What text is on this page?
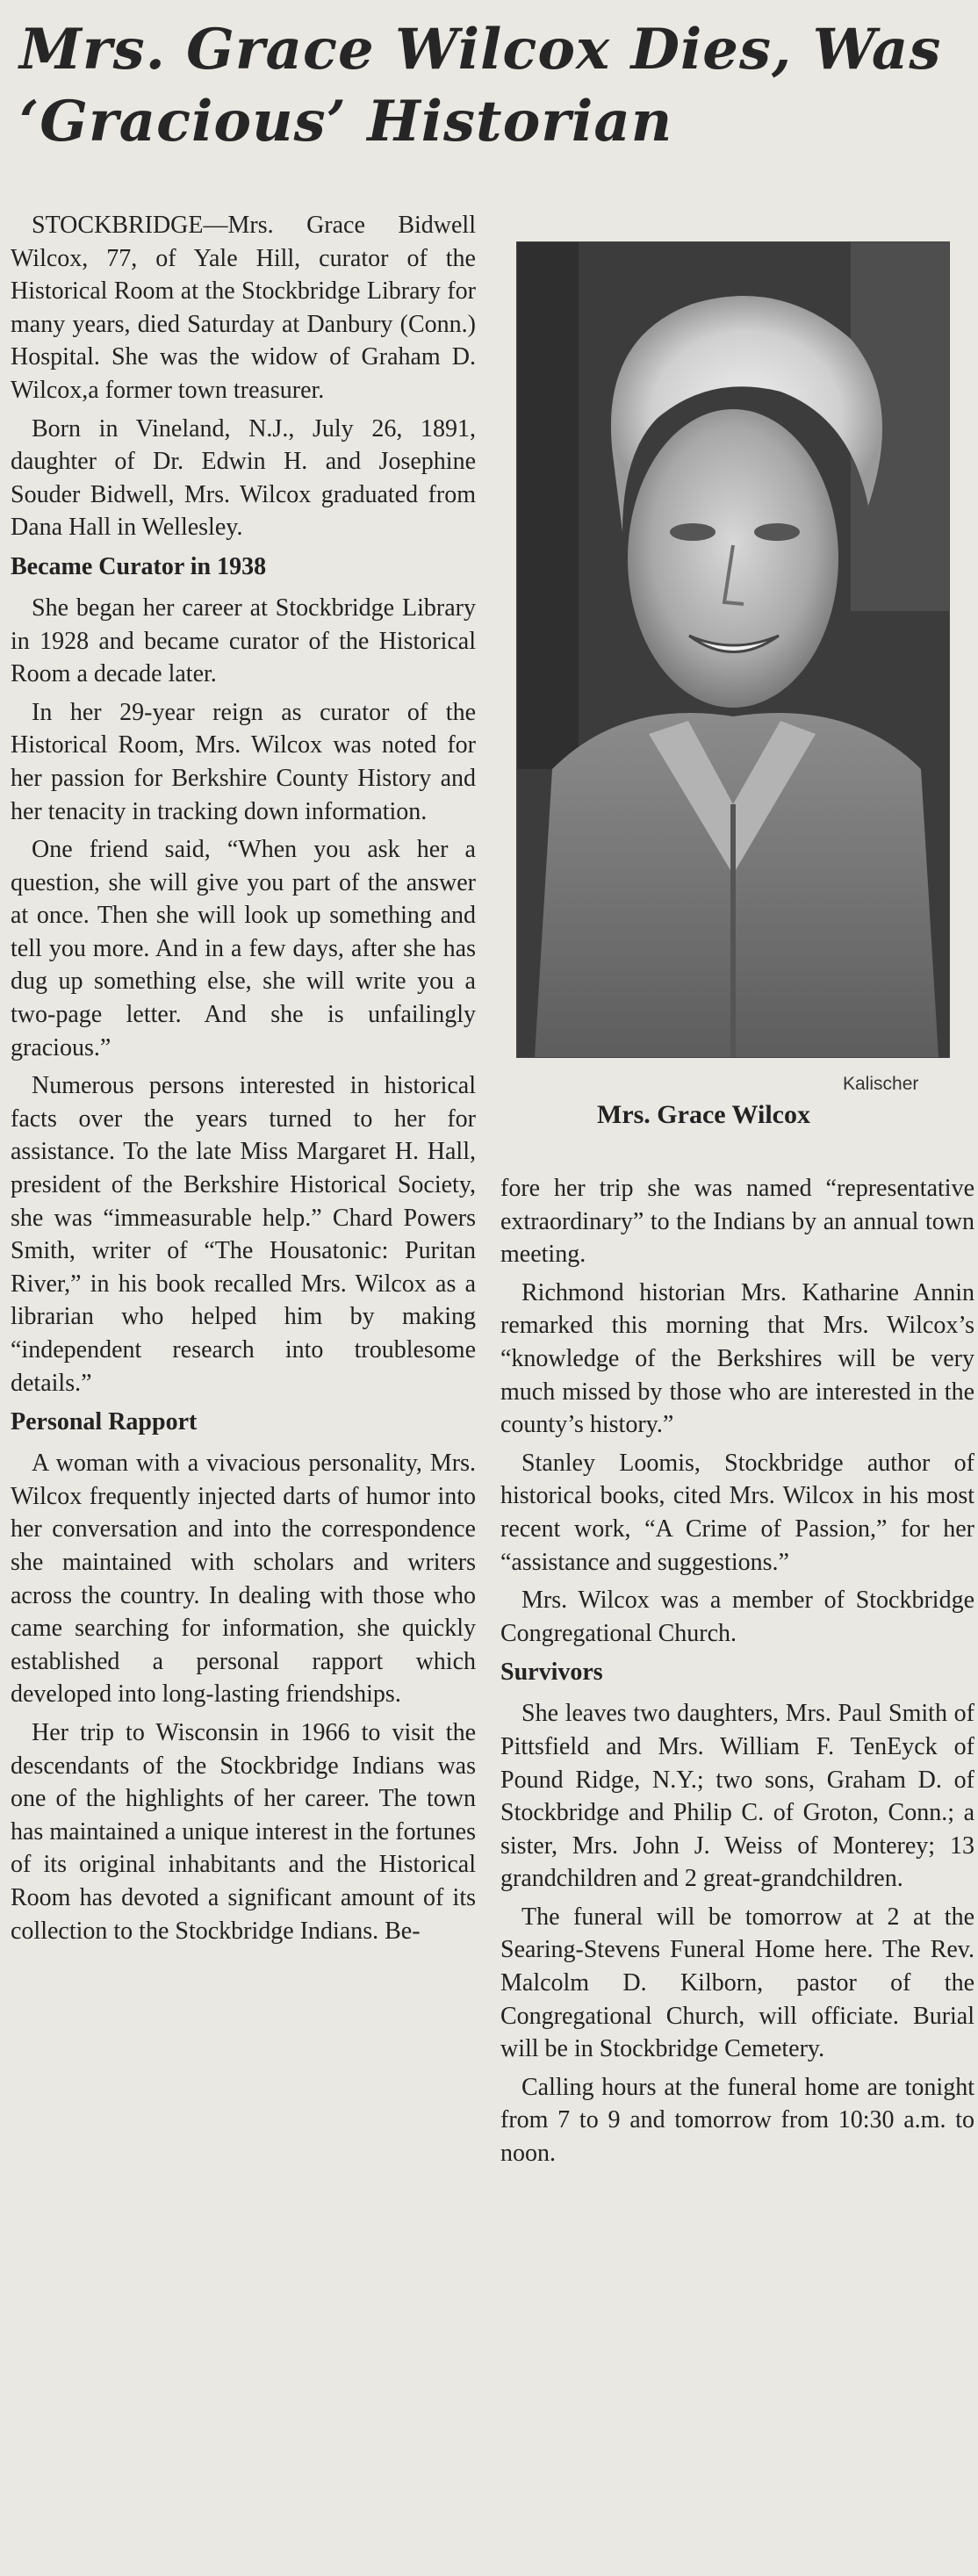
Mrs. Grace Wilcox Dies, Was ‘Gracious’ Historian
Kalischer
Mrs. Grace Wilcox

STOCKBRIDGE—Mrs. Grace Bidwell Wilcox, 77, of Yale Hill, curator of the Historical Room at the Stockbridge Library for many years, died Saturday at Danbury (Conn.) Hospital. She was the widow of Graham D. Wilcox,a former town treasurer.

Born in Vineland, N.J., July 26, 1891, daughter of Dr. Edwin H. and Josephine Souder Bidwell, Mrs. Wilcox graduated from Dana Hall in Wellesley.

Became Curator in 1938

She began her career at Stockbridge Library in 1928 and became curator of the Historical Room a decade later.

In her 29-year reign as curator of the Historical Room, Mrs. Wilcox was noted for her passion for Berkshire County History and her tenacity in tracking down information.

One friend said, “When you ask her a question, she will give you part of the answer at once. Then she will look up something and tell you more. And in a few days, after she has dug up something else, she will write you a two-page letter. And she is unfailingly gracious.”

Numerous persons interested in historical facts over the years turned to her for assistance. To the late Miss Margaret H. Hall, president of the Berkshire Historical Society, she was “immeasurable help.” Chard Powers Smith, writer of “The Housatonic: Puritan River,” in his book recalled Mrs. Wilcox as a librarian who helped him by making “independent research into troublesome details.”

Personal Rapport

A woman with a vivacious personality, Mrs. Wilcox frequently injected darts of humor into her conversation and into the correspondence she maintained with scholars and writers across the country. In dealing with those who came searching for information, she quickly established a personal rapport which developed into long-lasting friendships.

Her trip to Wisconsin in 1966 to visit the descendants of the Stockbridge Indians was one of the highlights of her career. The town has maintained a unique interest in the fortunes of its original inhabitants and the Historical Room has devoted a significant amount of its collection to the Stockbridge Indians. Be-

fore her trip she was named “representative extraordinary” to the Indians by an annual town meeting.

Richmond historian Mrs. Katharine Annin remarked this morning that Mrs. Wilcox’s “knowledge of the Berkshires will be very much missed by those who are interested in the county’s history.”

Stanley Loomis, Stockbridge author of historical books, cited Mrs. Wilcox in his most recent work, “A Crime of Passion,” for her “assistance and suggestions.”

Mrs. Wilcox was a member of Stockbridge Congregational Church.

Survivors

She leaves two daughters, Mrs. Paul Smith of Pittsfield and Mrs. William F. TenEyck of Pound Ridge, N.Y.; two sons, Graham D. of Stockbridge and Philip C. of Groton, Conn.; a sister, Mrs. John J. Weiss of Monterey; 13 grandchildren and 2 great-grandchildren.

The funeral will be tomorrow at 2 at the Searing-Stevens Funeral Home here. The Rev. Malcolm D. Kilborn, pastor of the Congregational Church, will officiate. Burial will be in Stockbridge Cemetery.

Calling hours at the funeral home are tonight from 7 to 9 and tomorrow from 10:30 a.m. to noon.
